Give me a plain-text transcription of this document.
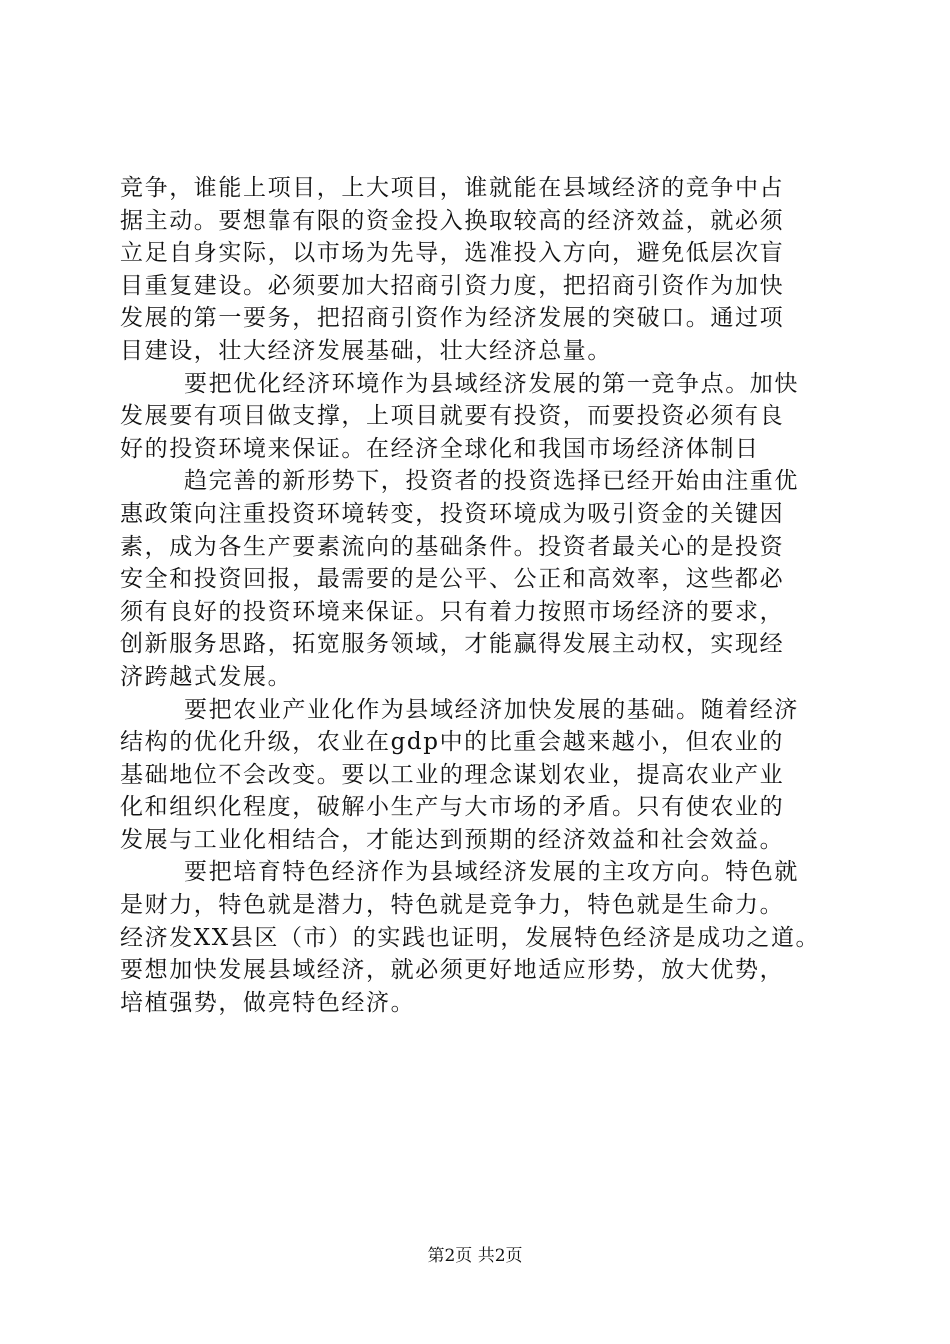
竞争，谁能上项目，上大项目，谁就能在县域经济的竞争中占
据主动。要想靠有限的资金投入换取较高的经济效益，就必须
立足自身实际，以市场为先导，选准投入方向，避免低层次盲
目重复建设。必须要加大招商引资力度，把招商引资作为加快
发展的第一要务，把招商引资作为经济发展的突破口。通过项
目建设，壮大经济发展基础，壮大经济总量。
要把优化经济环境作为县域经济发展的第一竞争点。加快
发展要有项目做支撑，上项目就要有投资，而要投资必须有良
好的投资环境来保证。在经济全球化和我国市场经济体制日
趋完善的新形势下，投资者的投资选择已经开始由注重优
惠政策向注重投资环境转变，投资环境成为吸引资金的关键因
素，成为各生产要素流向的基础条件。投资者最关心的是投资
安全和投资回报，最需要的是公平、公正和高效率，这些都必
须有良好的投资环境来保证。只有着力按照市场经济的要求，
创新服务思路，拓宽服务领域，才能赢得发展主动权，实现经
济跨越式发展。
要把农业产业化作为县域经济加快发展的基础。随着经济
结构的优化升级，农业在gdp中的比重会越来越小，但农业的
基础地位不会改变。要以工业的理念谋划农业，提高农业产业
化和组织化程度，破解小生产与大市场的矛盾。只有使农业的
发展与工业化相结合，才能达到预期的经济效益和社会效益。
要把培育特色经济作为县域经济发展的主攻方向。特色就
是财力，特色就是潜力，特色就是竞争力，特色就是生命力。
经济发XX县区（市）的实践也证明，发展特色经济是成功之道。
要想加快发展县域经济，就必须更好地适应形势，放大优势，
培植强势，做亮特色经济。
第2页 共2页
